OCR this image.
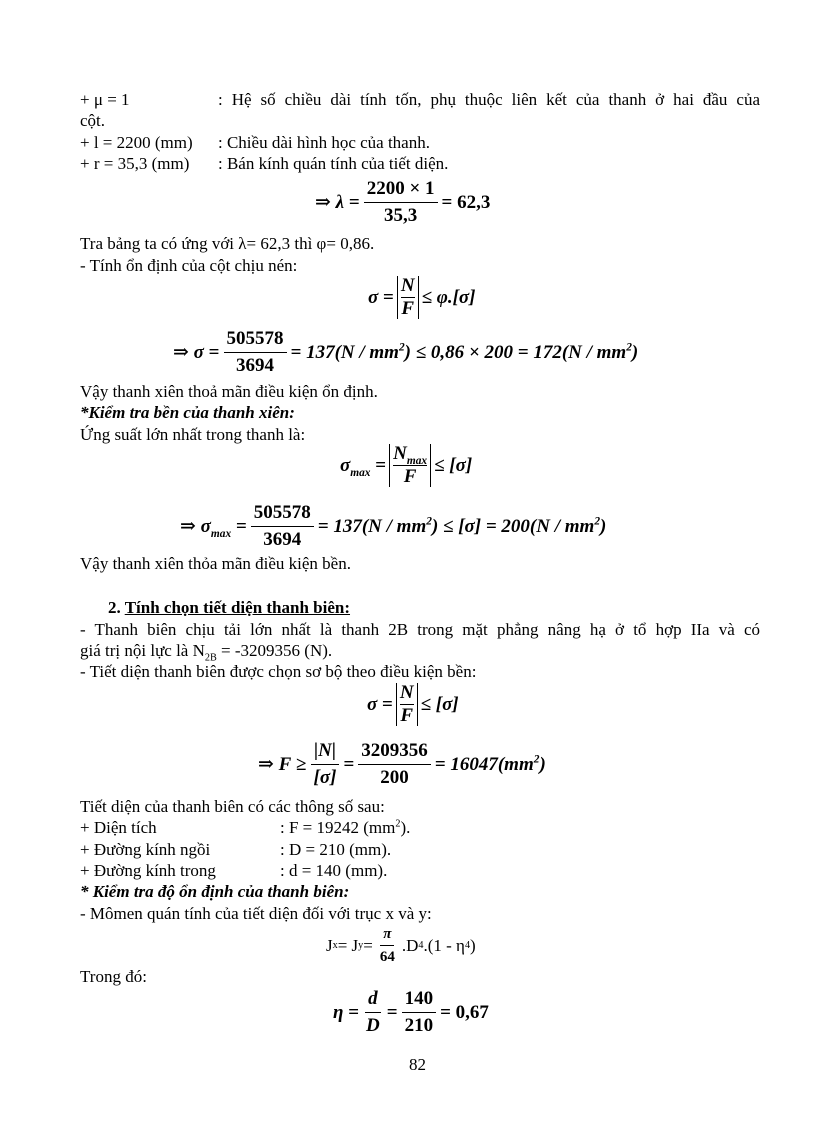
+ μ = 1	: Hệ số chiều dài tính tốn, phụ thuộc liên kết của thanh ở hai đầu của
cột.
+ l = 2200 (mm) : Chiều dài hình học của thanh.
+ r = 35,3 (mm) : Bán kính quán tính của tiết diện.
⇒
λ
= $\frac{2200 \times 1}{35,3} = 62,3$
Tra bảng ta có ứng với λ= 62,3 thì φ= 0,86.
- Tính ổn định của cột chịu nén:
σ
= $\frac{N}{F} \le \varphi.[\sigma]$
⇒
σ
= $\frac{505578}{3694} = 137(N / mm^2) \le 0,86 \times 200 = 172(N / mm^2)$
Vậy thanh xiên thoả mãn điều kiện ổn định.
*Kiểm tra bền của thanh xiên:
Ứng suất lớn nhất trong thanh là:
$\sigma_{max}$
= $\frac{N_{max}}{F} \le [\sigma]$
⇒
$\sigma_{max}$
= $\frac{505578}{3694} = 137(N / mm^2) \le [\sigma] = 200(N / mm^2)$
Vậy thanh xiên thỏa mãn điều kiện bền.
2. Tính chọn tiết diện thanh biên:
- Thanh biên chịu tải lớn nhất là thanh 2B trong mặt phẳng nâng hạ ở tổ hợp IIa và có
giá trị nội lực là $N_{2B} = -3209356$ (N).
- Tiết diện thanh biên được chọn sơ bộ theo điều kiện bền:
σ
= $\frac{N}{F} \le [\sigma]$
⇒
F
≥ $\frac{|N|}{[\sigma]} = \frac{3209356}{200} = 16047(mm^2)$
Tiết diện của thanh biên có các thông số sau:
+ Diện tích	: F = 19242 $(mm^2)$.
+ Đường kính ngồi	: D = 210 (mm).
+ Đường kính trong	: d = 140 (mm).
* Kiểm tra độ ổn định của thanh biên:
- Mômen quán tính của tiết diện đối với trục x và y:
J x = J $y = \frac{\pi}{64} .D$ 4 .(1 - η 4 )
Trong đó:
η
= $\frac{d}{D} = \frac{140}{210} = 0,67$
82
